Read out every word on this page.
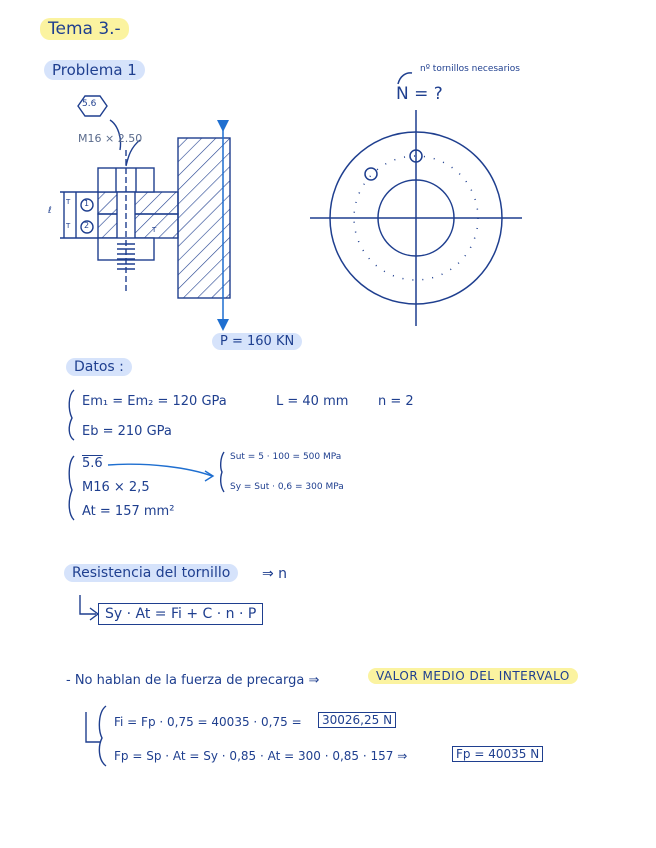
Tema 3.-
Problema 1
5.6
M16 × 2.50
1
2
ℓ
T
T	T
N = ?
nº tornillos necesarios
P = 160 KN
Datos :
Em₁ = Em₂ = 120 GPa	L = 40 mm n = 2
Eb = 210 GPa
5.6
M16 × 2,5
At = 157 mm²
Sut = 5 · 100 = 500 MPa
Sy = Sut · 0,6 = 300 MPa
Resistencia del tornillo	⇒ n
Sy · At = Fi + C · n · P
- No hablan de la fuerza de precarga ⇒	VALOR MEDIO DEL INTERVALO
Fi = Fp · 0,75 = 40035 · 0,75 =	30026,25 N
Fp = Sp · At = Sy · 0,85 · At = 300 · 0,85 · 157 ⇒	Fp = 40035 N
